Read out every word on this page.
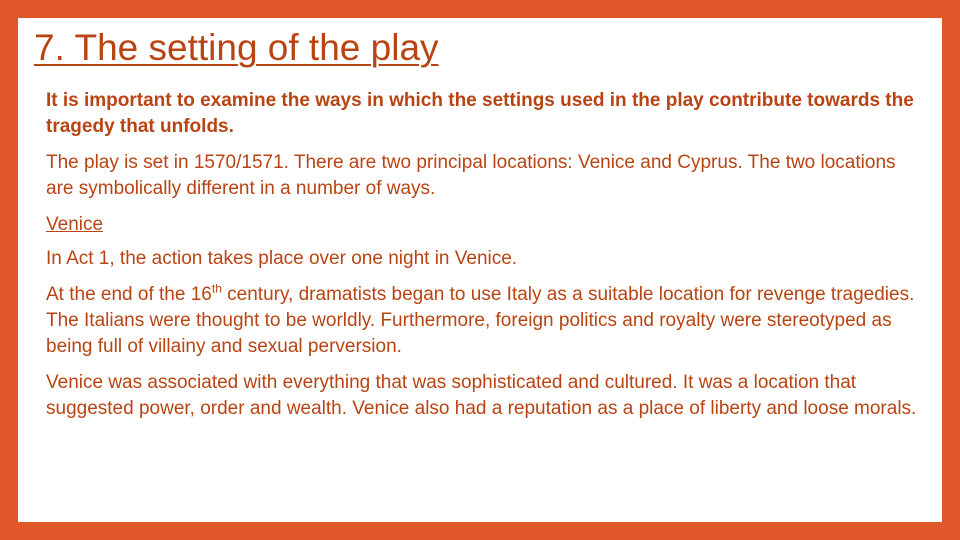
7. The setting of the play

It is important to examine the ways in which the settings used in the play contribute towards the tragedy that unfolds.

The play is set in 1570/1571. There are two principal locations: Venice and Cyprus. The two locations are symbolically different in a number of ways.

Venice

In Act 1, the action takes place over one night in Venice.

At the end of the 16th century, dramatists began to use Italy as a suitable location for revenge tragedies. The Italians were thought to be worldly. Furthermore, foreign politics and royalty were stereotyped as being full of villainy and sexual perversion.

Venice was associated with everything that was sophisticated and cultured. It was a location that suggested power, order and wealth. Venice also had a reputation as a place of liberty and loose morals.
